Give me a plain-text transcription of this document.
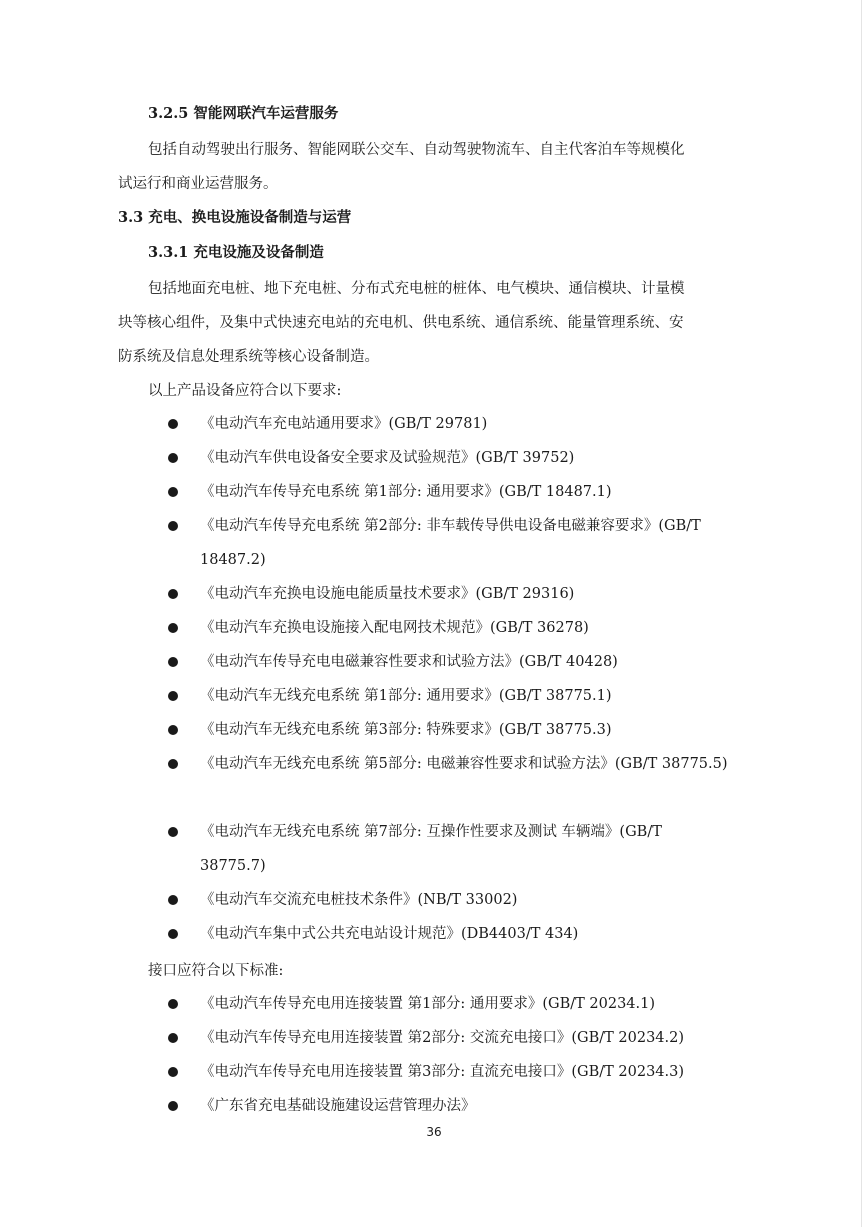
3.2.5 智能网联汽车运营服务
包括自动驾驶出行服务、智能网联公交车、自动驾驶物流车、自主代客泊车等规模化
试运行和商业运营服务。
3.3 充电、换电设施设备制造与运营
3.3.1 充电设施及设备制造
包括地面充电桩、地下充电桩、分布式充电桩的桩体、电气模块、通信模块、计量模
块等核心组件，及集中式快速充电站的充电机、供电系统、通信系统、能量管理系统、安
防系统及信息处理系统等核心设备制造。
以上产品设备应符合以下要求:
《电动汽车充电站通用要求》(GB/T 29781)
《电动汽车供电设备安全要求及试验规范》(GB/T 39752)
《电动汽车传导充电系统 第1部分: 通用要求》(GB/T 18487.1)
《电动汽车传导充电系统 第2部分: 非车载传导供电设备电磁兼容要求》(GB/T 18487.2)
《电动汽车充换电设施电能质量技术要求》(GB/T 29316)
《电动汽车充换电设施接入配电网技术规范》(GB/T 36278)
《电动汽车传导充电电磁兼容性要求和试验方法》(GB/T 40428)
《电动汽车无线充电系统 第1部分: 通用要求》(GB/T 38775.1)
《电动汽车无线充电系统 第3部分: 特殊要求》(GB/T 38775.3)
《电动汽车无线充电系统 第5部分: 电磁兼容性要求和试验方法》(GB/T 38775.5)
《电动汽车无线充电系统 第7部分: 互操作性要求及测试 车辆端》(GB/T 38775.7)
《电动汽车交流充电桩技术条件》(NB/T 33002)
《电动汽车集中式公共充电站设计规范》(DB4403/T 434)
接口应符合以下标准:
《电动汽车传导充电用连接装置 第1部分: 通用要求》(GB/T 20234.1)
《电动汽车传导充电用连接装置 第2部分: 交流充电接口》(GB/T 20234.2)
《电动汽车传导充电用连接装置 第3部分: 直流充电接口》(GB/T 20234.3)
《广东省充电基础设施建设运营管理办法》
36
